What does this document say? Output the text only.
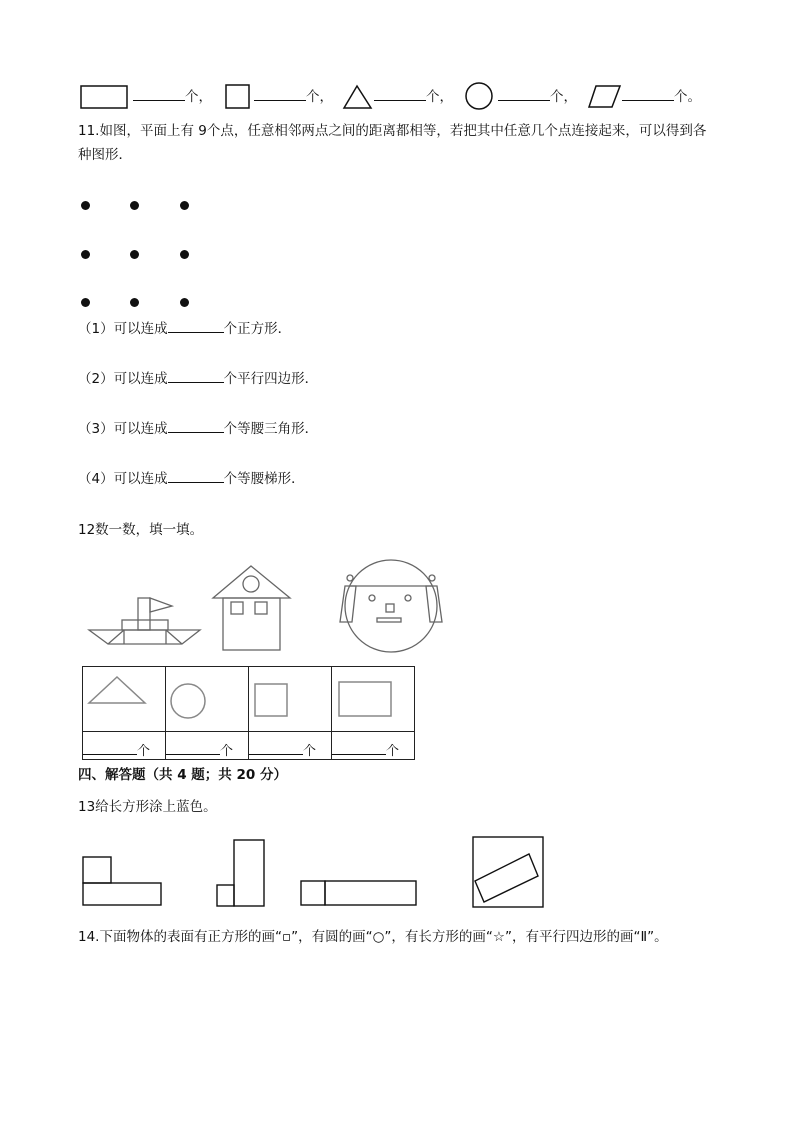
个，	个，	个，	个，	个。
11.如图，平面上有 9个点，任意相邻两点之间的距离都相等，若把其中任意几个点连接起来，可以得到各
种图形．
（1）可以连成	个正方形．
（2）可以连成	个平行四边形．
（3）可以连成	个等腰三角形．
（4）可以连成	个等腰梯形．
12数一数，填一填。

个	个	个	个
四、解答题（共 4 题；共 20 分）
13给长方形涂上蓝色。
14.下面物体的表面有正方形的画“▫”，有圆的画“○”，有长方形的画“☆”，有平行四边形的画“Ⅱ”。
